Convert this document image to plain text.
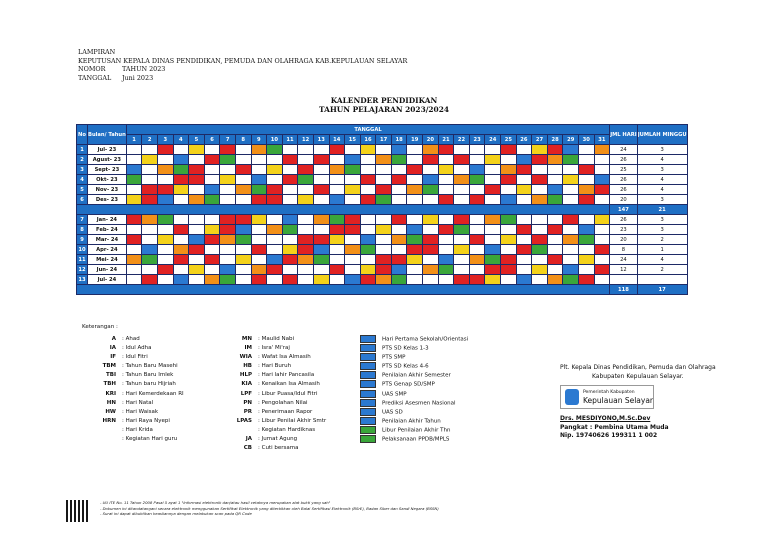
LAMPIRAN
KEPUTUSAN KEPALA DINAS PENDIDIKAN, PEMUDA DAN OLAHRAGA KAB.KEPULAUAN SELAYAR
NOMOR	TAHUN 2023
TANGGAL Juni 2023
KALENDER PENDIDIKAN
TAHUN PELAJARAN 2023/2024
No	Bulan/ Tahun	TANGGAL																															JML HARI	JUMLAH MINGGU
		1	2	3	4	5	6	7	8	9	10	11	12	13	14	15	16	17	18	19	20	21	22	23	24	25	26	27	28	29	30	31		
1	Jul- 23																																24	3
2	Agust- 23																																26	4
3	Sept- 23																																25	3
4	Okt- 23																																26	4
5	Nov- 23																																26	4
6	Des- 23																																20	3
																																	147	21
7	Jan- 24																																26	3
8	Feb- 24																																23	3
9	Mar- 24																																20	2
10	Apr- 24																																8	1
11	Mei- 24																																24	4
12	Jun- 24																																12	2
13	Jul- 24																																	
																																	118	17
Keterangan :
A : Ahad
IA : Idul Adha
IF : Idul Fitri
TBM : Tahun Baru Masehi
TBI : Tahun Baru Imlek
TBH : Tahun baru Hijriah
KRI : Hari Kemerdekaan RI
HN : Hari Natal
HW : Hari Waisak
HRN : Hari Raya Nyepi
: Hari Krida
: Kegiatan Hari guru
MN : Maulid Nabi
IM : Isra' Mi'raj
WIA : Wafat Isa Almasih
HB : Hari Buruh
HLP : Hari lahir Pancasila
KIA : Kenaikan Isa Almasih
LPF : Libur Puasa/Idul Fitri
PN : Pengolahan Nilai
PR : Penerimaan Rapor
LPAS : Libur Penilai Akhir Smtr
: Kegiatan Hardiknas
JA : Jumat Agung
CB : Cuti bersama
Hari Pertama Sekolah/Orientasi
PTS SD Kelas 1-3
PTS SMP
PTS SD Kelas 4-6
Penilaian Akhir Semester
PTS Genap SD/SMP
UAS SMP
Prediksi Asesmen Nasional
UAS SD
Penilaian Akhir Tahun
Libur Penilaian Akhir Thn
Pelaksanaan PPDB/MPLS
Plt. Kepala Dinas Pendidikan, Pemuda dan Olahraga
Kabupaten Kepulauan Selayar.
Pemerintah Kabupaten
Kepulauan Selayar
Drs. MESDIYONO,M.Sc.Dev
Pangkat : Pembina Utama Muda
Nip. 19740626 199311 1 002
- UU ITE No. 11 Tahun 2008 Pasal 5 ayat 1 "Informasi elektronik dan/atau hasil cetaknya merupakan alat bukti yang sah"
- Dokumen ini ditandatangani secara elektronik menggunakan Sertifikat Elektronik yang diterbitkan oleh Balai Sertifikasi Elektronik (BSrE), Badan Siber dan Sandi Negara (BSSN)
- Surat ini dapat dibuktikan keasliannya dengan melakukan scan pada QR Code
